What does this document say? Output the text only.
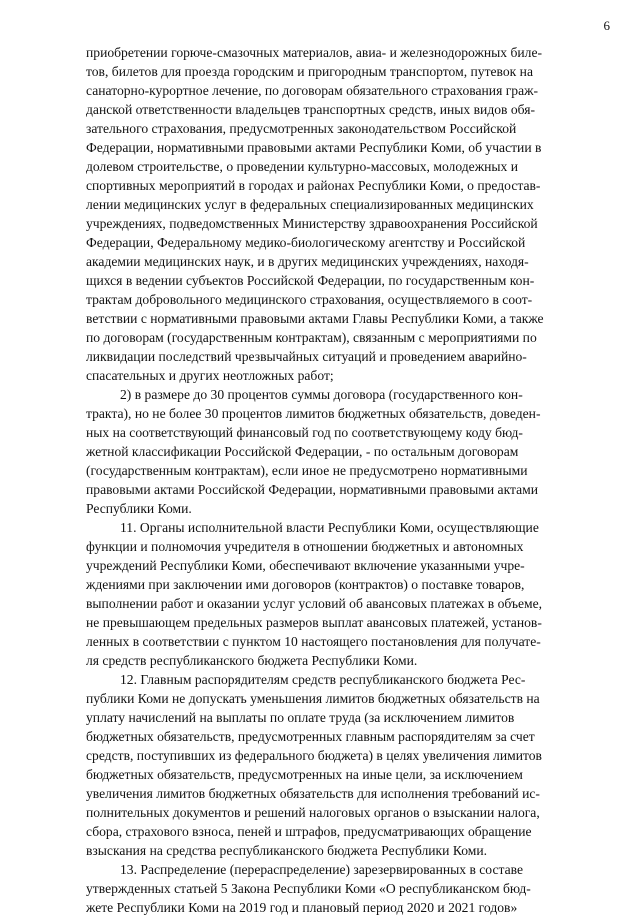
6
приобретении горюче-смазочных материалов, авиа- и железнодорожных биле-
тов, билетов для проезда городским и пригородным транспортом, путевок на
санаторно-курортное лечение, по договорам обязательного страхования граж-
данской ответственности владельцев транспортных средств, иных видов обя-
зательного страхования, предусмотренных законодательством Российской
Федерации, нормативными правовыми актами Республики Коми, об участии в
долевом строительстве, о проведении культурно-массовых, молодежных и
спортивных мероприятий в городах и районах Республики Коми, о предостав-
лении медицинских услуг в федеральных специализированных медицинских
учреждениях, подведомственных Министерству здравоохранения Российской
Федерации, Федеральному медико-биологическому агентству и Российской
академии медицинских наук, и в других медицинских учреждениях, находя-
щихся в ведении субъектов Российской Федерации, по государственным кон-
трактам добровольного медицинского страхования, осуществляемого в соот-
ветствии с нормативными правовыми актами Главы Республики Коми, а также
по договорам (государственным контрактам), связанным с мероприятиями по
ликвидации последствий чрезвычайных ситуаций и проведением аварийно-
спасательных и других неотложных работ;
2) в размере до 30 процентов суммы договора (государственного кон-
тракта), но не более 30 процентов лимитов бюджетных обязательств, доведен-
ных на соответствующий финансовый год по соответствующему коду бюд-
жетной классификации Российской Федерации, - по остальным договорам
(государственным контрактам), если иное не предусмотрено нормативными
правовыми актами Российской Федерации, нормативными правовыми актами
Республики Коми.
11. Органы исполнительной власти Республики Коми, осуществляющие
функции и полномочия учредителя в отношении бюджетных и автономных
учреждений Республики Коми, обеспечивают включение указанными учре-
ждениями при заключении ими договоров (контрактов) о поставке товаров,
выполнении работ и оказании услуг условий об авансовых платежах в объеме,
не превышающем предельных размеров выплат авансовых платежей, установ-
ленных в соответствии с пунктом 10 настоящего постановления для получате-
ля средств республиканского бюджета Республики Коми.
12. Главным распорядителям средств республиканского бюджета Рес-
публики Коми не допускать уменьшения лимитов бюджетных обязательств на
уплату начислений на выплаты по оплате труда (за исключением лимитов
бюджетных обязательств, предусмотренных главным распорядителям за счет
средств, поступивших из федерального бюджета) в целях увеличения лимитов
бюджетных обязательств, предусмотренных на иные цели, за исключением
увеличения лимитов бюджетных обязательств для исполнения требований ис-
полнительных документов и решений налоговых органов о взыскании налога,
сбора, страхового взноса, пеней и штрафов, предусматривающих обращение
взыскания на средства республиканского бюджета Республики Коми.
13. Распределение (перераспределение) зарезервированных в составе
утвержденных статьей 5 Закона Республики Коми «О республиканском бюд-
жете Республики Коми на 2019 год и плановый период 2020 и 2021 годов»
